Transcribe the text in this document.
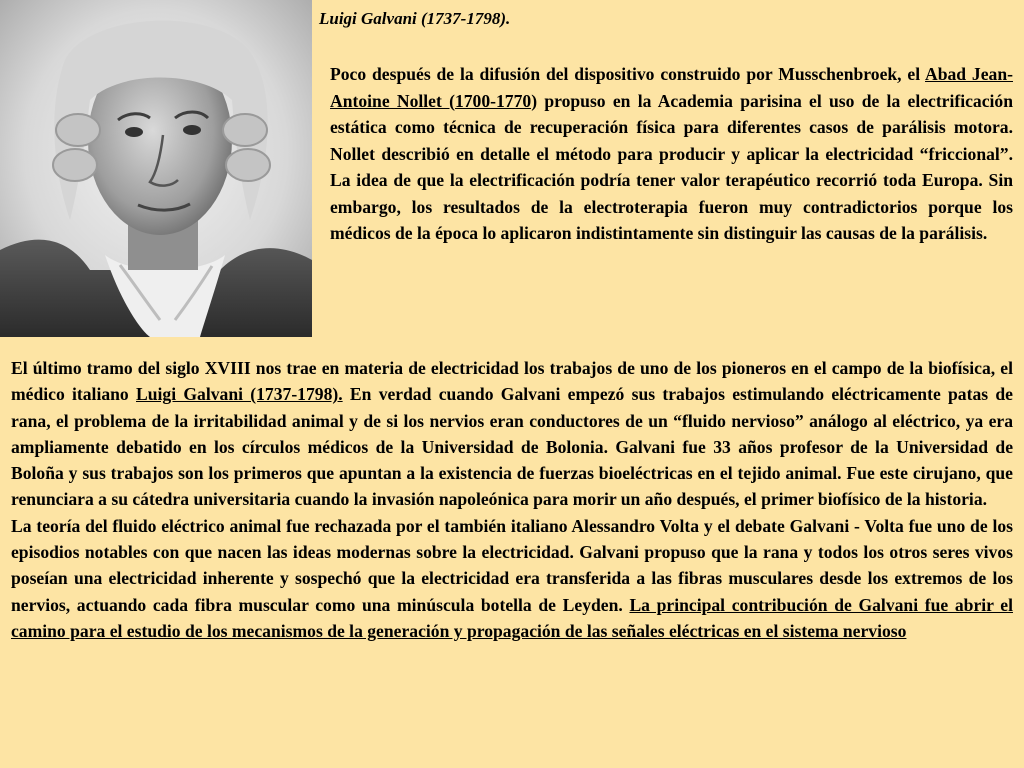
Luigi Galvani (1737-1798).

Poco después de la difusión del dispositivo construido por Musschenbroek, el Abad Jean-Antoine Nollet (1700-1770) propuso en la Academia parisina el uso de la electrificación estática como técnica de recuperación física para diferentes casos de parálisis motora. Nollet describió en detalle el método para producir y aplicar la electricidad “friccional”. La idea de que la electrificación podría tener valor terapéutico recorrió toda Europa. Sin embargo, los resultados de la electroterapia fueron muy contradictorios porque los médicos de la época lo aplicaron indistintamente sin distinguir las causas de la parálisis.

El último tramo del siglo XVIII nos trae en materia de electricidad los trabajos de uno de los pioneros en el campo de la biofísica, el médico italiano Luigi Galvani (1737-1798). En verdad cuando Galvani empezó sus trabajos estimulando eléctricamente patas de rana, el problema de la irritabilidad animal y de si los nervios eran conductores de un “fluido nervioso” análogo al eléctrico, ya era ampliamente debatido en los círculos médicos de la Universidad de Bolonia. Galvani fue 33 años profesor de la Universidad de Boloña y sus trabajos son los primeros que apuntan a la existencia de fuerzas bioeléctricas en el tejido animal. Fue este cirujano, que renunciara a su cátedra universitaria cuando la invasión napoleónica para morir un año después, el primer biofísico de la historia.

La teoría del fluido eléctrico animal fue rechazada por el también italiano Alessandro Volta y el debate Galvani - Volta fue uno de los episodios notables con que nacen las ideas modernas sobre la electricidad. Galvani propuso que la rana y todos los otros seres vivos poseían una electricidad inherente y sospechó que la electricidad era transferida a las fibras musculares desde los extremos de los nervios, actuando cada fibra muscular como una minúscula botella de Leyden. La principal contribución de Galvani fue abrir el camino para el estudio de los mecanismos de la generación y propagación de las señales eléctricas en el sistema nervioso
